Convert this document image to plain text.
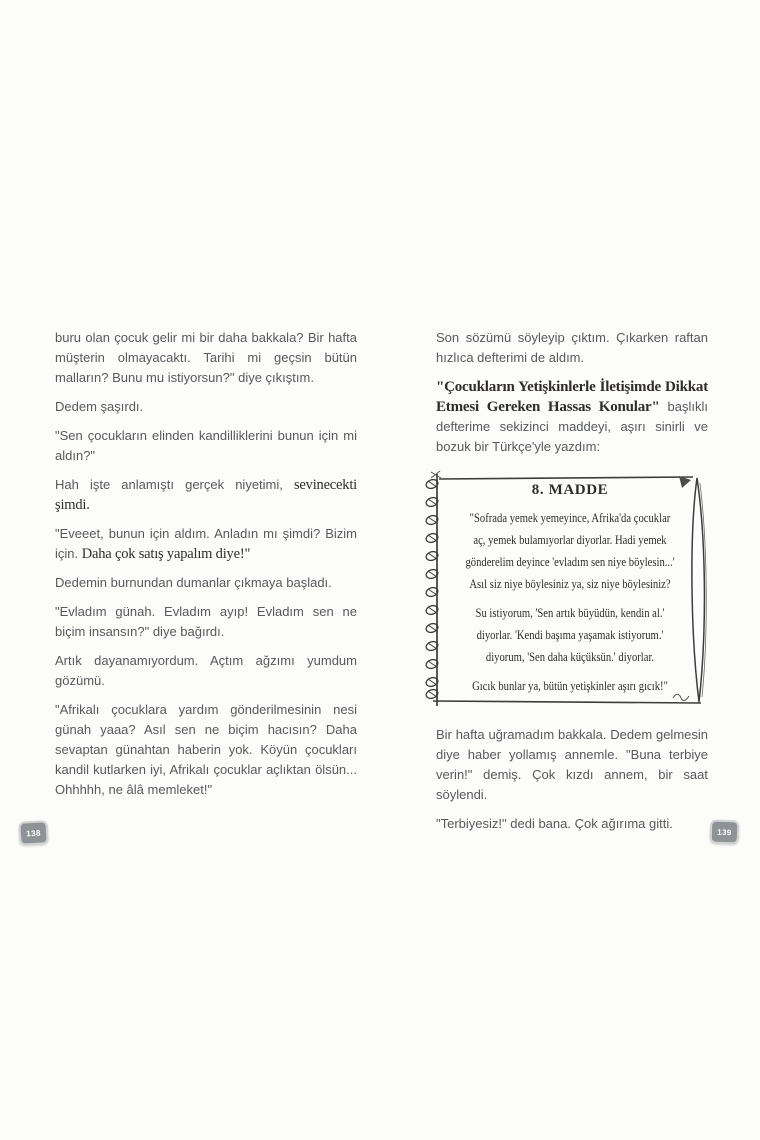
buru olan çocuk gelir mi bir daha bakkala? Bir hafta müşterin olmayacaktı. Tarihi mi geçsin bütün malların? Bunu mu istiyorsun?" diye çıkıştım.

Dedem şaşırdı.

"Sen çocukların elinden kandilliklerini bunun için mi aldın?"

Hah işte anlamıştı gerçek niyetimi, sevinecekti şimdi.

"Eveeet, bunun için aldım. Anladın mı şimdi? Bizim için. Daha çok satış yapalım diye!"

Dedemin burnundan dumanlar çıkmaya başladı.

"Evladım günah. Evladım ayıp! Evladım sen ne biçim insansın?" diye bağırdı.

Artık dayanamıyordum. Açtım ağzımı yumdum gözümü.

"Afrikalı çocuklara yardım gönderilmesinin nesi günah yaaa? Asıl sen ne biçim hacısın? Daha sevaptan günahtan haberin yok. Köyün çocukları kandil kutlarken iyi, Afrikalı çocuklar açlıktan ölsün... Ohhhhh, ne âlâ memleket!"

Son sözümü söyleyip çıktım. Çıkarken raftan hızlıca defterimi de aldım.

"Çocukların Yetişkinlerle İletişimde Dikkat Etmesi Gereken Hassas Konular" başlıklı defterime sekizinci maddeyi, aşırı sinirli ve bozuk bir Türkçe'yle yazdım:

8. MADDE
"Sofrada yemek yemeyince, Afrika'da çocuklar
aç, yemek bulamıyorlar diyorlar. Hadi yemek
gönderelim deyince 'evladım sen niye böylesin...'
Asıl siz niye böylesiniz ya, siz niye böylesiniz?
Su istiyorum, 'Sen artık büyüdün, kendin al.'
diyorlar. 'Kendi başıma yaşamak istiyorum.'
diyorum, 'Sen daha küçüksün.' diyorlar.
Gıcık bunlar ya, bütün yetişkinler aşırı gıcık!"

Bir hafta uğramadım bakkala. Dedem gelmesin diye haber yollamış annemle. "Buna terbiye verin!" demiş. Çok kızdı annem, bir saat söylendi.

"Terbiyesiz!" dedi bana. Çok ağırıma gitti.

138	139
